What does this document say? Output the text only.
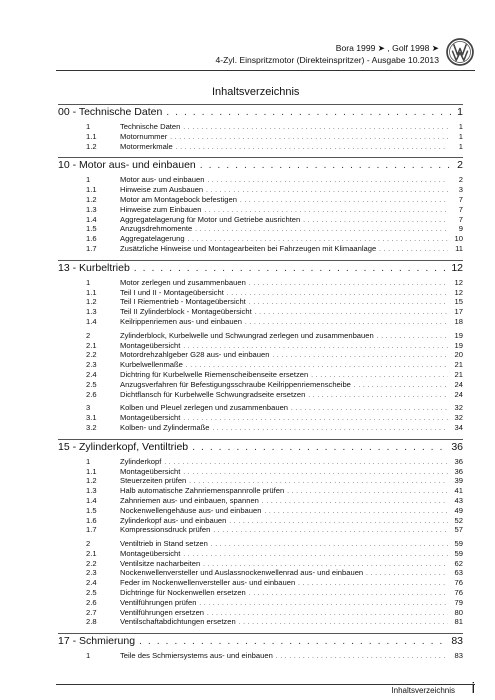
Bora 1999 ➤ , Golf 1998 ➤
4-Zyl. Einspritzmotor (Direkteinspritzer) - Ausgabe 10.2013
Inhaltsverzeichnis
00 - Technische Daten . . .	1
1	Technische Daten . . .	1
1.1	Motornummer . . .	1
1.2	Motormerkmale . . .	1
10 - Motor aus- und einbauen . . .	2
1	Motor aus- und einbauen . . .	2
1.1	Hinweise zum Ausbauen . . .	3
1.2	Motor am Montagebock befestigen . . .	7
1.3	Hinweise zum Einbauen . . .	7
1.4	Aggregatelagerung für Motor und Getriebe ausrichten . . .	7
1.5	Anzugsdrehmomente . . .	9
1.6	Aggregatelagerung . . .	10
1.7	Zusätzliche Hinweise und Montagearbeiten bei Fahrzeugen mit Klimaanlage . . .	11
13 - Kurbeltrieb . . .	12
1	Motor zerlegen und zusammenbauen . . .	12
1.1	Teil I und II - Montageübersicht . . .	12
1.2	Teil I Riementrieb - Montageübersicht . . .	15
1.3	Teil II Zylinderblock - Montageübersicht . . .	17
1.4	Keilrippenriemen aus- und einbauen . . .	18
2	Zylinderblock, Kurbelwelle und Schwungrad zerlegen und zusammenbauen . . .	19
2.1	Montageübersicht . . .	19
2.2	Motordrehzahlgeber G28 aus- und einbauen . . .	20
2.3	Kurbelwellenmaße . . .	21
2.4	Dichtring für Kurbelwelle Riemenscheibenseite ersetzen . . .	21
2.5	Anzugsverfahren für Befestigungsschraube Keilrippenriemenscheibe . . .	24
2.6	Dichtflansch für Kurbelwelle Schwungradseite ersetzen . . .	24
3	Kolben und Pleuel zerlegen und zusammenbauen . . .	32
3.1	Montageübersicht . . .	32
3.2	Kolben- und Zylindermaße . . .	34
15 - Zylinderkopf, Ventiltrieb . . .	36
1	Zylinderkopf . . .	36
1.1	Montageübersicht . . .	36
1.2	Steuerzeiten prüfen . . .	39
1.3	Halb automatische Zahnriemenspannrolle prüfen . . .	41
1.4	Zahnriemen aus- und einbauen, spannen . . .	43
1.5	Nockenwellengehäuse aus- und einbauen . . .	49
1.6	Zylinderkopf aus- und einbauen . . .	52
1.7	Kompressionsdruck prüfen . . .	57
2	Ventiltrieb in Stand setzen . . .	59
2.1	Montageübersicht . . .	59
2.2	Ventilsitze nacharbeiten . . .	62
2.3	Nockenwellenversteller und Auslassnockenwellenrad aus- und einbauen . . .	63
2.4	Feder im Nockenwellenversteller aus- und einbauen . . .	76
2.5	Dichtringe für Nockenwellen ersetzen . . .	76
2.6	Ventilführungen prüfen . . .	79
2.7	Ventilführungen ersetzen . . .	80
2.8	Ventilschaftabdichtungen ersetzen . . .	81
17 - Schmierung . . .	83
1	Teile des Schmiersystems aus- und einbauen . . .	83
Inhaltsverzeichnis i
